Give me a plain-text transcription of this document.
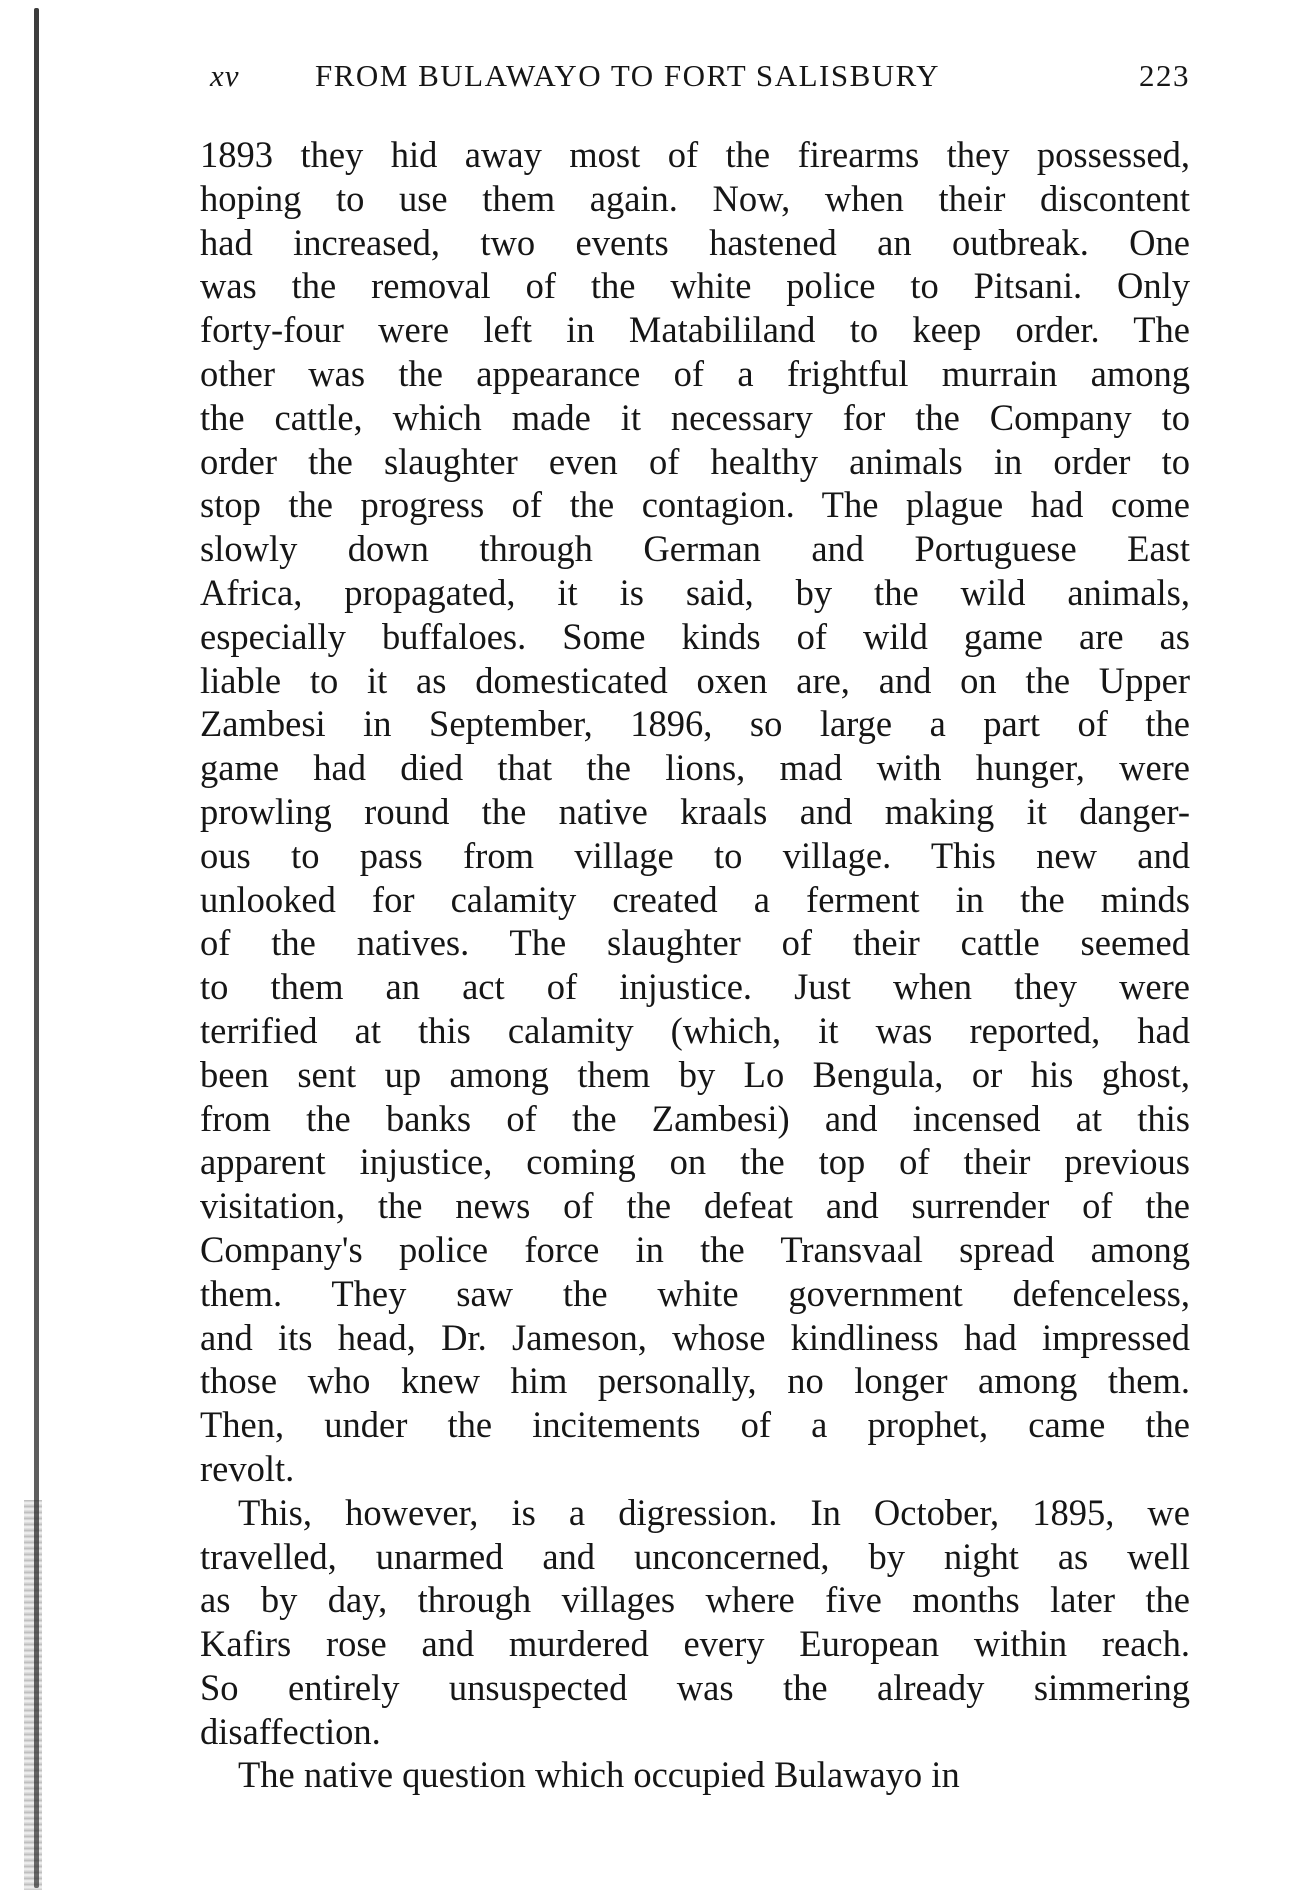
xv FROM BULAWAYO TO FORT SALISBURY	223
1893 they hid away most of the firearms they possessed,
hoping to use them again. Now, when their discontent
had increased, two events hastened an outbreak. One
was the removal of the white police to Pitsani. Only
forty-four were left in Matabililand to keep order. The
other was the appearance of a frightful murrain among
the cattle, which made it necessary for the Company to
order the slaughter even of healthy animals in order to
stop the progress of the contagion. The plague had come
slowly down through German and Portuguese East
Africa, propagated, it is said, by the wild animals,
especially buffaloes. Some kinds of wild game are as
liable to it as domesticated oxen are, and on the Upper
Zambesi in September, 1896, so large a part of the
game had died that the lions, mad with hunger, were
prowling round the native kraals and making it danger-
ous to pass from village to village. This new and
unlooked for calamity created a ferment in the minds
of the natives. The slaughter of their cattle seemed
to them an act of injustice. Just when they were
terrified at this calamity (which, it was reported, had
been sent up among them by Lo Bengula, or his ghost,
from the banks of the Zambesi) and incensed at this
apparent injustice, coming on the top of their previous
visitation, the news of the defeat and surrender of the
Company's police force in the Transvaal spread among
them. They saw the white government defenceless,
and its head, Dr. Jameson, whose kindliness had impressed
those who knew him personally, no longer among them.
Then, under the incitements of a prophet, came the
revolt.
This, however, is a digression. In October, 1895, we
travelled, unarmed and unconcerned, by night as well
as by day, through villages where five months later the
Kafirs rose and murdered every European within reach.
So entirely unsuspected was the already simmering
disaffection.
The native question which occupied Bulawayo in
